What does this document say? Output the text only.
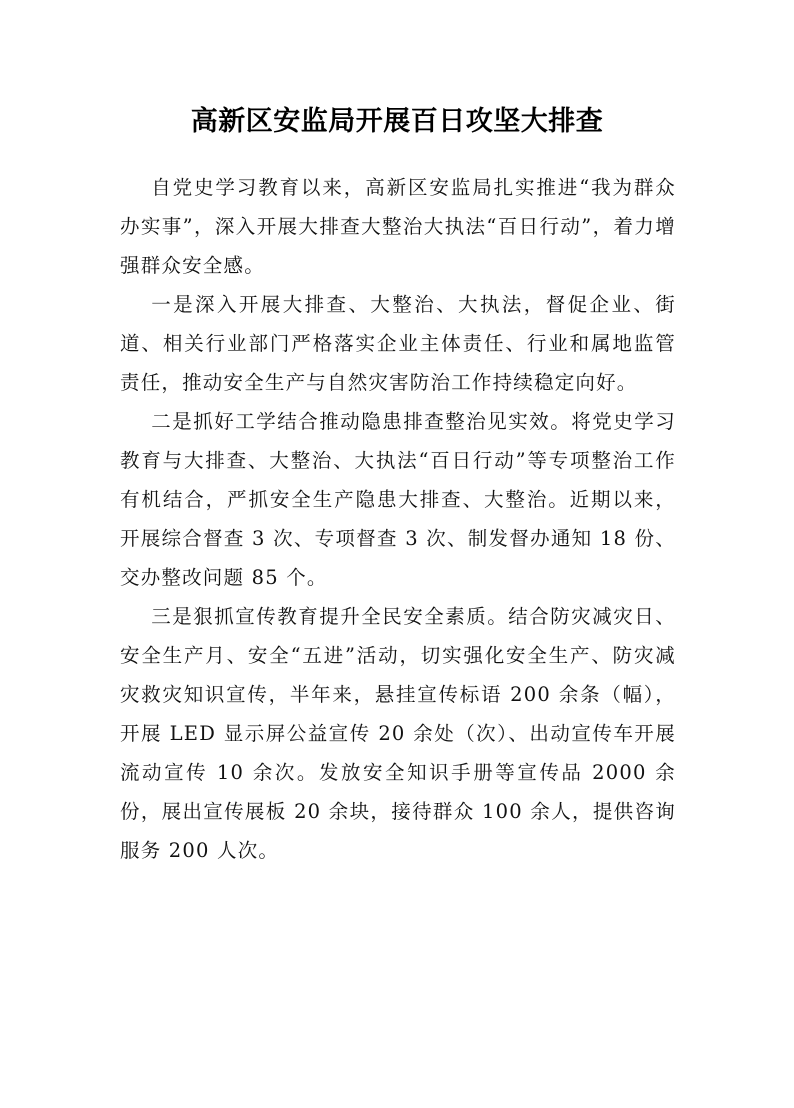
高新区安监局开展百日攻坚大排查

自党史学习教育以来，高新区安监局扎实推进“我为群众办实事”，深入开展大排查大整治大执法“百日行动”，着力增强群众安全感。

一是深入开展大排查、大整治、大执法，督促企业、街道、相关行业部门严格落实企业主体责任、行业和属地监管责任，推动安全生产与自然灾害防治工作持续稳定向好。

二是抓好工学结合推动隐患排查整治见实效。将党史学习教育与大排查、大整治、大执法“百日行动”等专项整治工作有机结合，严抓安全生产隐患大排查、大整治。近期以来，开展综合督查 3 次、专项督查 3 次、制发督办通知 18 份、交办整改问题 85 个。

三是狠抓宣传教育提升全民安全素质。结合防灾减灾日、安全生产月、安全“五进”活动，切实强化安全生产、防灾减灾救灾知识宣传，半年来，悬挂宣传标语 200 余条（幅），开展 LED 显示屏公益宣传 20 余处（次）、出动宣传车开展流动宣传 10 余次。发放安全知识手册等宣传品 2000 余份，展出宣传展板 20 余块，接待群众 100 余人，提供咨询服务 200 人次。
